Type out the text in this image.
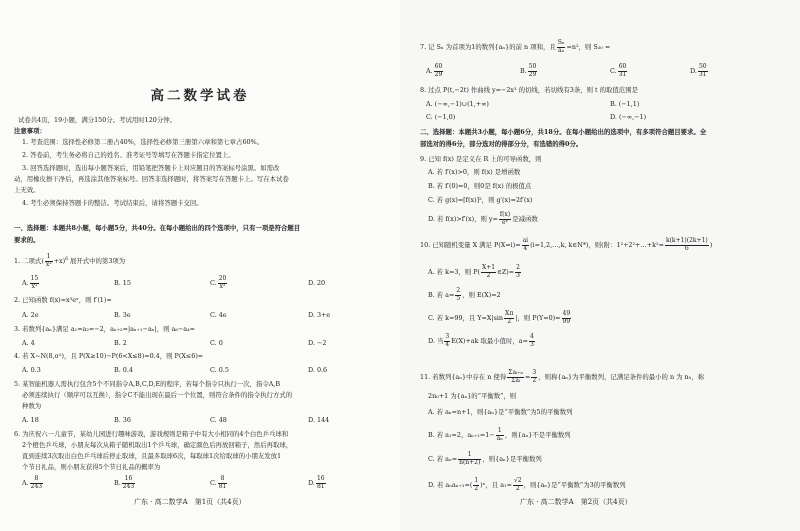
高二数学试卷
试卷共4页，19小题，满分150分。考试用时120分钟。
注意事项：
1. 考查范围：选择性必修第二册占40%，选择性必修第三册第六章和第七章占60%。
2. 答卷前，考生务必将自己的姓名、准考证号等填写在答题卡指定位置上。
3. 回答选择题时，选出每小题答案后，用铅笔把答题卡上对应题目的答案标号涂黑。如需改
动，用橡皮擦干净后，再选涂其他答案标号。回答非选择题时，将答案写在答题卡上。写在本试卷
上无效。
4. 考生必须保持答题卡的整洁。考试结束后，请将答题卡交回。
一、选择题：本题共8小题，每小题5分，共40分。在每小题给出的四个选项中，只有一项是符合题目
要求的。
1. 二项式( $\frac{1}{\text{x²}} +x)^6$ 展开式中的第3项为
A. $\frac{15}{\text{x²}}$	B. 15	C. $\frac{20}{\text{x²}}$	D. 20
2. 已知函数 f(x)=x³eˣ，则 f′(1)=
A. 2e	B. 3e	C. 4e	D. 3+e
3. 若数列{aₙ}满足 a₁=a₂=−2，aₙ₊₂=|aₙ₊₁−aₙ|，则 a₆−a₄=
A. 4	B. 2	C. 0	D. −2
4. 若 X~N(8,σ²)，且 P(X≥10)−P(6<X≤8)=0.4，则 P(X≤6)=
A. 0.3	B. 0.4	C. 0.5	D. 0.6
5. 某智能机器人需执行包含5个不同指令A,B,C,D,E的程序，若每个指令只执行一次，指令A,B
必须连续执行（顺序可以互换），指令C不能出现在最后一个位置，则符合条件的指令执行方式的
种数为
A. 18	B. 36	C. 48	D. 144
6. 为庆祝六一儿童节，某幼儿园进行趣味游戏，游戏规则是箱子中有大小相同的4个白色乒乓球和
2个橙色乒乓球，小朋友每次从箱子随机取出1个乒乓球，确定颜色后再放回箱子，然后再取球，
直到连续3次取出白色乒乓球后停止取球，且最多取球6次，每取球1次给取球的小朋友发放1
个节日礼品，则小朋友获得5个节日礼品的概率为
A. $\frac{8}{243}$	B. $\frac{16}{243}$	C. $\frac{8}{81}$	D. $\frac{16}{81}$
广东 · 高二数学A　第1页（共4页）
7. 记 Sₙ 为首项为1的数列{aₙ}的前 n 项和，且 $\frac{\text{Sₙ}}{\text{aₙ}} =n^2$，则 S₃₀ =
A. $\frac{60}{29}$	B. $\frac{50}{29}$	C. $\frac{60}{31}$	D. $\frac{50}{31}$
8. 过点 P(t,−2t) 作曲线 y=−2x³ 的切线，若切线有3条，则 t 的取值范围是
A. (−∞,−1)∪(1,+∞)	B. (−1,1)
C. (−1,0)	D. (−∞,−1)
二、选择题：本题共3小题，每小题6分，共18分。在每小题给出的选项中，有多项符合题目要求。全
部选对的得6分，部分选对的得部分分，有选错的得0分。
9. 已知 f(x) 是定义在 R 上的可导函数，则
A. 若 f′(x)>0，则 f(x) 是增函数
B. 若 f′(0)=0，则0是 f(x) 的极值点
C. 若 g(x)=[f(x)]²，则 g′(x)=2f′(x)
D. 若 f(x)>f′(x)，则 $y= \frac{f(x)}{\text{eˣ}}$ 是减函数
10. 已知随机变量 X 满足 $P(X=i)= \frac{ai}{4}$ (i=1,2,…,k, k∈N*)，则(附：1²+2²+…+k²= $\frac{k(k+1)(2k+1)}{6}$ )
A. 若 k=3，则 $P( \frac{X+1}{2}$ ∈Z)= $\frac{2}{3}$
B. 若 $a= \frac{2}{5}$ ，则 E(X)=2
C. 若 k=99，且 $Y=X|\sin \frac{X\pi}{2}$ |，则 $P(Y=0)= \frac{49}{99}$
D. 当 $\frac{3}{4} E(X)+ak$ 取最小值时，$a= \frac{4}{3}$
11. 若数列{aₙ}中存在 n 使得 $\frac{\text{Σaᵢ₊ₙ}}{\text{Σaᵢ}} = \frac{3}{2}$ ，则称{aₙ}为平衡数列，记满足条件的最小的 n 为 n₀，称
2n₀+1 为{aₙ}的“平衡数”，则
A. 若 aₙ=n+1，则{aₙ}是“平衡数”为5的平衡数列
B. 若 a₁=2，$a_{n+1}=1- \frac{1}{\text{aₙ}}$ ，则{aₙ}不是平衡数列
C. 若 $a_n= \frac{1}{n(n+2)}$ ，则{aₙ}是平衡数列
D. 若 $a_na_{n+1}=( \frac{1}{2} )^n$，且 $a_1= \frac{√2}{2}$ ，则{aₙ}是“平衡数”为3的平衡数列
广东 · 高二数学A　第2页（共4页）
